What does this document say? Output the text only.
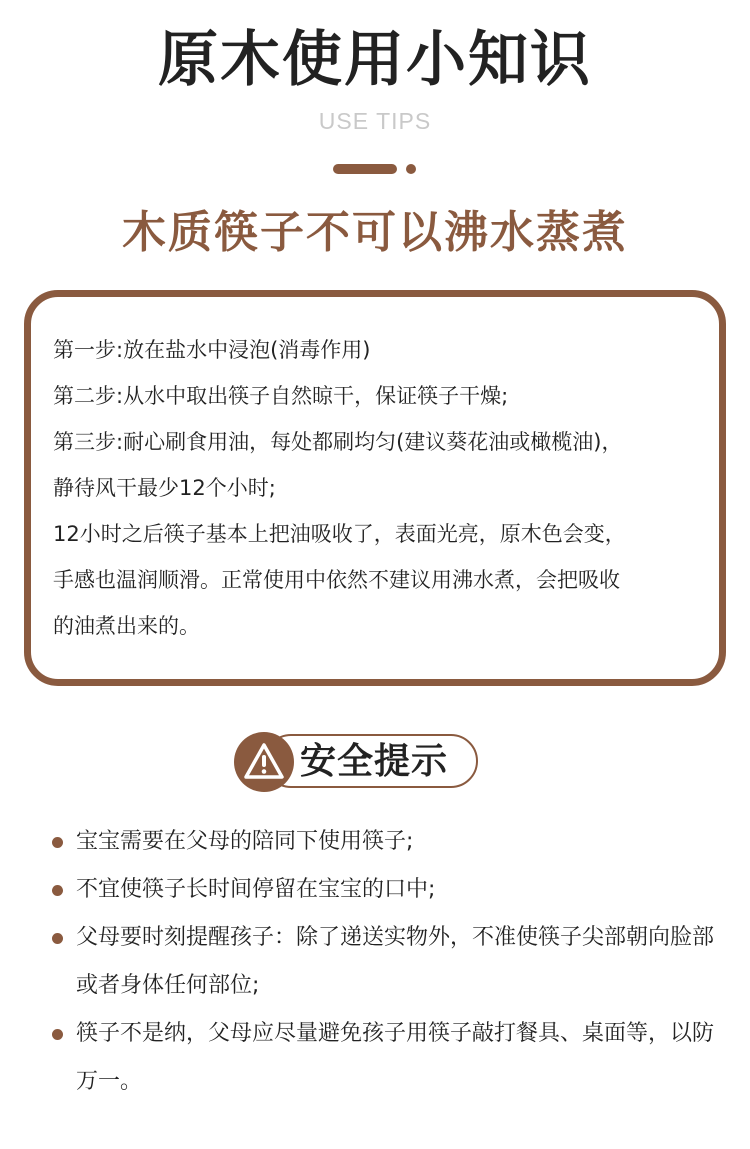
原木使用小知识
USE TIPS
木质筷子不可以沸水蒸煮
第一步:放在盐水中浸泡(消毒作用)
第二步:从水中取出筷子自然晾干，保证筷子干燥;
第三步:耐心刷食用油，每处都刷均匀(建议葵花油或橄榄油)，
静待风干最少12个小时;
12小时之后筷子基本上把油吸收了，表面光亮，原木色会变，
手感也温润顺滑。正常使用中依然不建议用沸水煮，会把吸收
的油煮出来的。
安全提示
宝宝需要在父母的陪同下使用筷子;
不宜使筷子长时间停留在宝宝的口中;
父母要时刻提醒孩子：除了递送实物外，不准使筷子尖部朝向脸部或者身体任何部位;
筷子不是纳，父母应尽量避免孩子用筷子敲打餐具、桌面等，以防万一。
